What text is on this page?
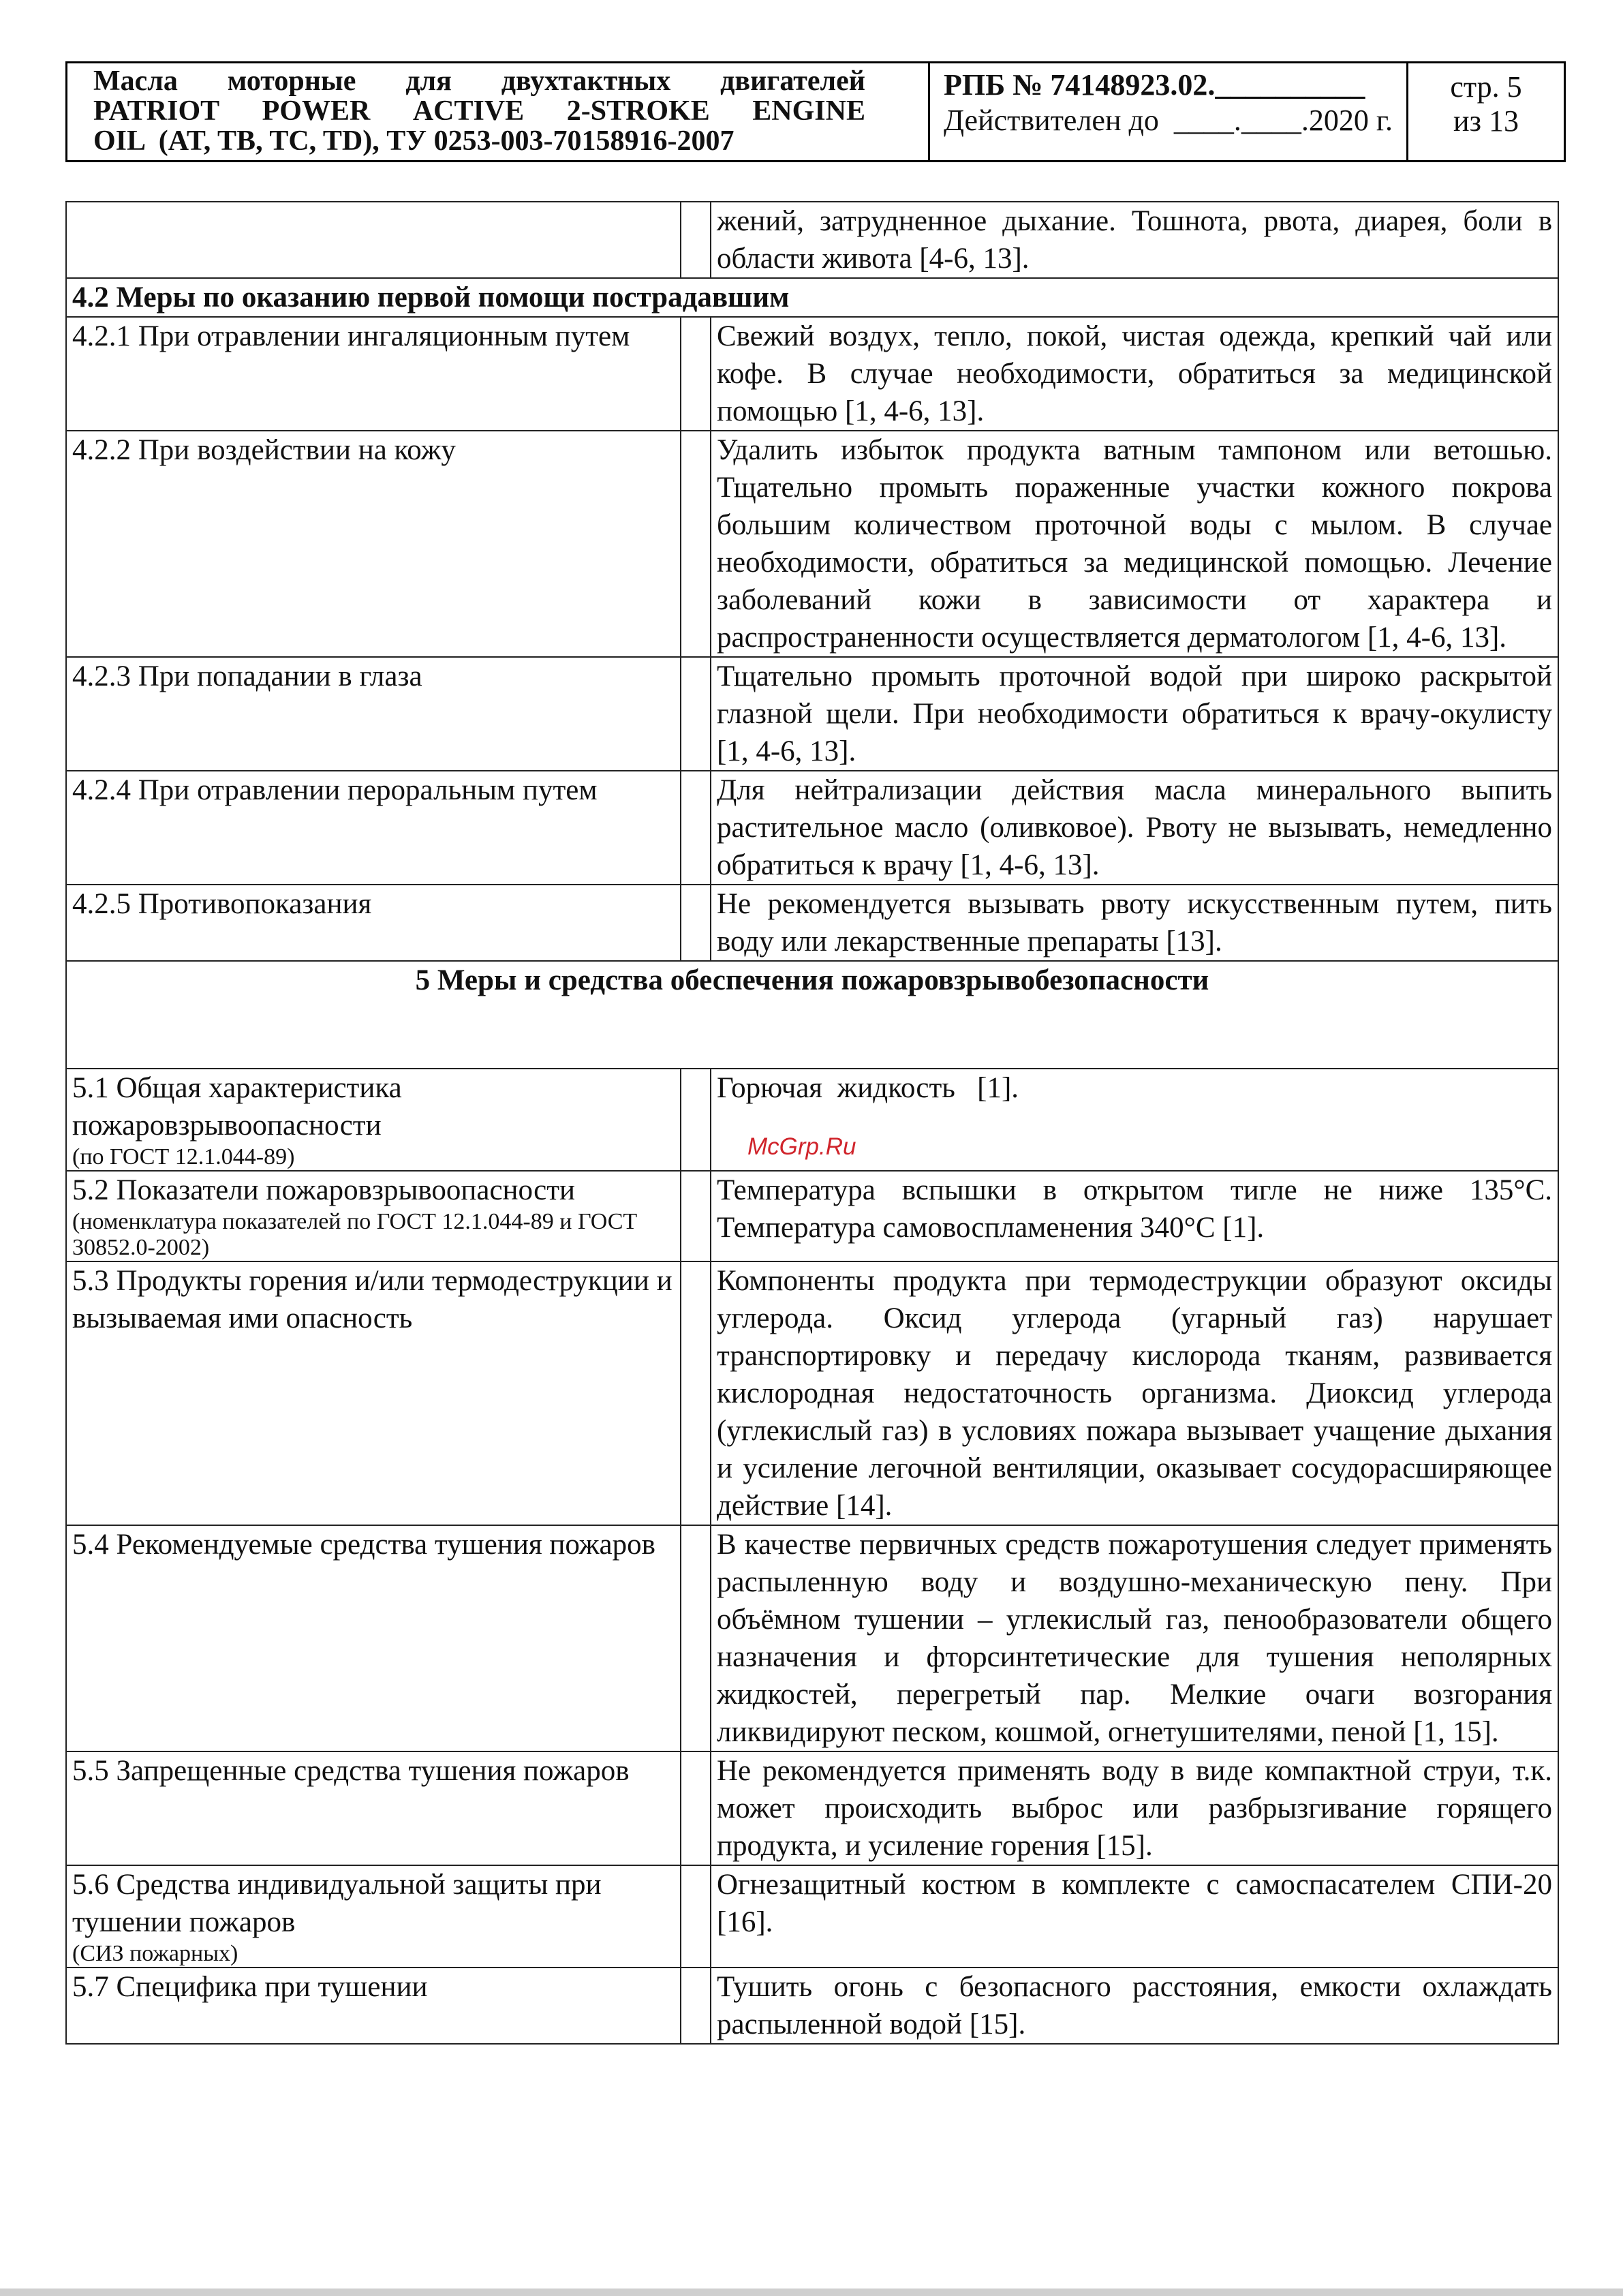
Масла моторные для двухтактных двигателей
PATRIOT POWER ACTIVE 2-STROKE ENGINE
OIL  (AT, TB, TC, TD), ТУ 0253-003-70158916-2007
РПБ № 74148923.02.__________
Действителен до  ____.____.2020 г.
стр. 5
из 13
		жений, затрудненное дыхание. Тошнота, рвота, диарея, боли в области живота [4-6, 13].
4.2 Меры по оказанию первой помощи пострадавшим		
4.2.1 При отравлении ингаляционным путем		Свежий воздух, тепло, покой, чистая одежда, крепкий чай или кофе. В случае необходимости, обратиться за медицинской помощью [1, 4-6, 13].
4.2.2 При воздействии на кожу		Удалить избыток продукта ватным тампоном или ветошью. Тщательно промыть пораженные участки кожного покрова большим количеством проточной воды с мылом. В случае необходимости, обратиться за медицинской помощью. Лечение заболеваний кожи в зависимости от характера и распространенности осуществляется дерматологом [1, 4-6, 13].
4.2.3 При попадании в глаза		Тщательно промыть проточной водой при широко раскрытой глазной щели. При необходимости обратиться к врачу-окулисту [1, 4-6, 13].
4.2.4 При отравлении пероральным путем		Для нейтрализации действия масла минерального выпить растительное масло (оливковое). Рвоту не вызывать, немедленно обратиться к врачу [1, 4-6, 13].
4.2.5 Противопоказания		Не рекомендуется вызывать рвоту искусственным путем, пить воду или лекарственные препараты [13].
5 Меры и средства обеспечения пожаровзрывобезопасности		
5.1 Общая характеристика пожаровзрывоопасности
(по ГОСТ 12.1.044-89)		Горючая  жидкость   [1].
5.2 Показатели пожаровзрывоопасности
(номенклатура показателей по ГОСТ 12.1.044-89 и ГОСТ 30852.0-2002)		Температура вспышки в открытом тигле не ниже 135°С. Температура самовоспламенения 340°С [1].
5.3 Продукты горения и/или термодеструкции и вызываемая ими опасность		Компоненты продукта при термодеструкции образуют оксиды углерода. Оксид углерода (угарный газ) нарушает транспортировку и передачу кислорода тканям, развивается кислородная недостаточность организма. Диоксид углерода (углекислый газ) в условиях пожара вызывает учащение дыхания и усиление легочной вентиляции, оказывает сосудорасширяющее действие [14].
5.4 Рекомендуемые средства тушения пожаров		В качестве первичных средств пожаротушения следует применять распыленную воду и воздушно-механическую пену. При объёмном тушении – углекислый газ, пенообразователи общего назначения и фторсинтетические для тушения неполярных жидкостей, перегретый пар. Мелкие очаги возгорания ликвидируют песком, кошмой, огнетушителями, пеной [1, 15].
5.5 Запрещенные средства тушения пожаров		Не рекомендуется применять воду в виде компактной струи, т.к. может происходить выброс или разбрызгивание горящего продукта, и усиление горения [15].
5.6 Средства индивидуальной защиты при тушении пожаров
(СИЗ пожарных)		Огнезащитный костюм в комплекте с самоспасателем СПИ-20 [16].
5.7 Специфика при тушении		Тушить огонь с безопасного расстояния, емкости охлаждать распыленной водой [15].
McGrp.Ru
